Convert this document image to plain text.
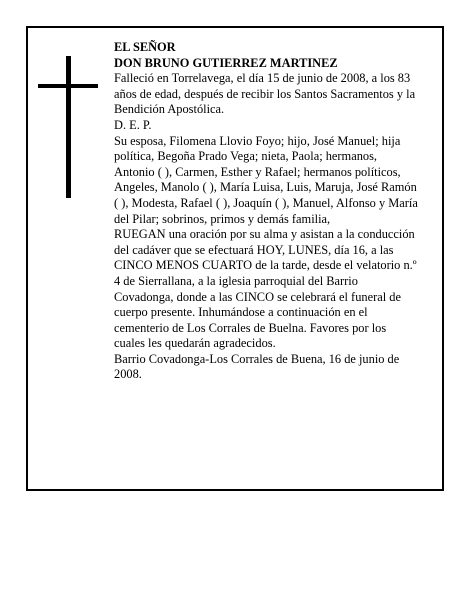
EL SEÑOR

DON BRUNO GUTIERREZ MARTINEZ

Falleció en Torrelavega, el día 15 de junio de 2008, a los 83 años de edad, después de recibir los Santos Sacramentos y la Bendición Apostólica.

D. E. P.

Su esposa, Filomena Llovio Foyo; hijo, José Manuel; hija política, Begoña Prado Vega; nieta, Paola; hermanos, Antonio ( ), Carmen, Esther y Rafael; hermanos políticos, Angeles, Manolo ( ), María Luisa, Luis, Maruja, José Ramón ( ), Modesta, Rafael ( ), Joaquín ( ), Manuel, Alfonso y María del Pilar; sobrinos, primos y demás familia,

RUEGAN una oración por su alma y asistan a la conducción del cadáver que se efectuará HOY, LUNES, día 16, a las CINCO MENOS CUARTO de la tarde, desde el velatorio n.º 4 de Sierrallana, a la iglesia parroquial del Barrio Covadonga, donde a las CINCO se celebrará el funeral de cuerpo presente. Inhumándose a continuación en el cementerio de Los Corrales de Buelna. Favores por los cuales les quedarán agradecidos.

Barrio Covadonga-Los Corrales de Buena, 16 de junio de 2008.
